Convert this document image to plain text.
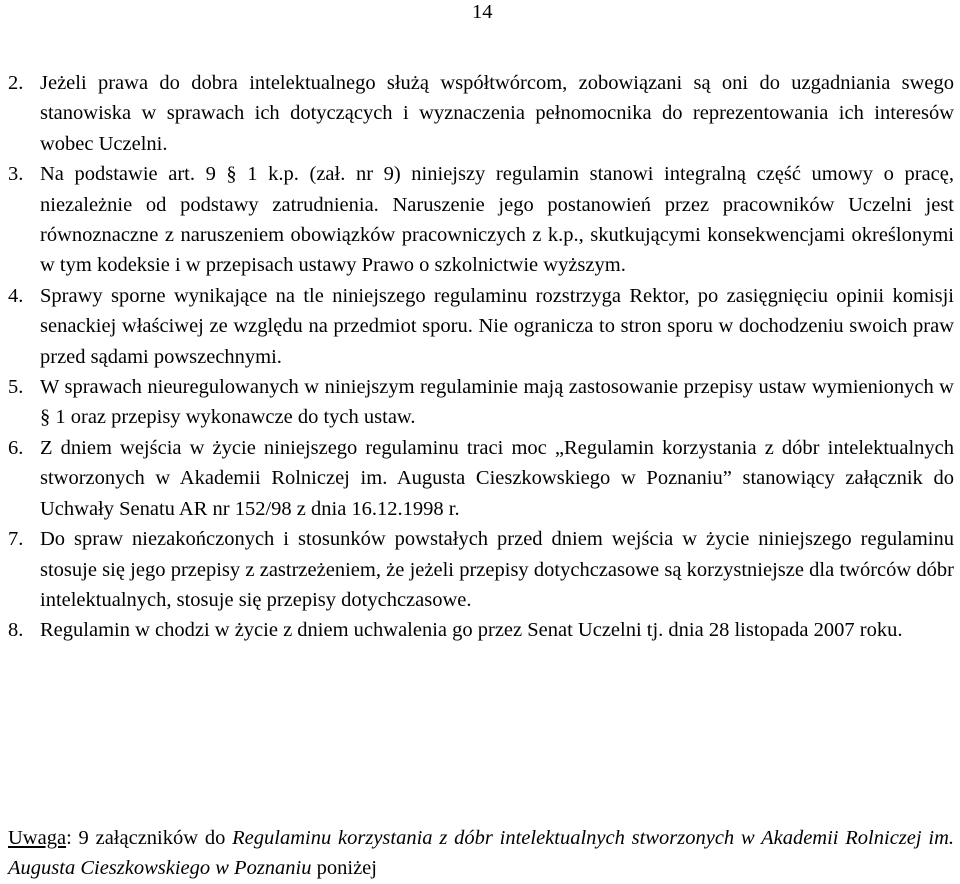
14
2. Jeżeli prawa do dobra intelektualnego służą współtwórcom, zobowiązani są oni do uzgadniania swego stanowiska w sprawach ich dotyczących i wyznaczenia pełnomocnika do reprezentowania ich interesów wobec Uczelni.
3. Na podstawie art. 9 § 1 k.p. (zał. nr 9) niniejszy regulamin stanowi integralną część umowy o pracę, niezależnie od podstawy zatrudnienia. Naruszenie jego postanowień przez pracowników Uczelni jest równoznaczne z naruszeniem obowiązków pracowniczych z k.p., skutkującymi konsekwencjami określonymi w tym kodeksie i w przepisach ustawy Prawo o szkolnictwie wyższym.
4. Sprawy sporne wynikające na tle niniejszego regulaminu rozstrzyga Rektor, po zasięgnięciu opinii komisji senackiej właściwej ze względu na przedmiot sporu. Nie ogranicza to stron sporu w dochodzeniu swoich praw przed sądami powszechnymi.
5. W sprawach nieuregulowanych w niniejszym regulaminie mają zastosowanie przepisy ustaw wymienionych w § 1 oraz przepisy wykonawcze do tych ustaw.
6. Z dniem wejścia w życie niniejszego regulaminu traci moc „Regulamin korzystania z dóbr intelektualnych stworzonych w Akademii Rolniczej im. Augusta Cieszkowskiego w Poznaniu” stanowiący załącznik do Uchwały Senatu AR nr 152/98 z dnia 16.12.1998 r.
7. Do spraw niezakończonych i stosunków powstałych przed dniem wejścia w życie niniejszego regulaminu stosuje się jego przepisy z zastrzeżeniem, że jeżeli przepisy dotychczasowe są korzystniejsze dla twórców dóbr intelektualnych, stosuje się przepisy dotychczasowe.
8. Regulamin w chodzi w życie z dniem uchwalenia go przez Senat Uczelni tj. dnia 28 listopada 2007 roku.
Uwaga: 9 załączników do Regulaminu korzystania z dóbr intelektualnych stworzonych w Akademii Rolniczej im. Augusta Cieszkowskiego w Poznaniu poniżej
